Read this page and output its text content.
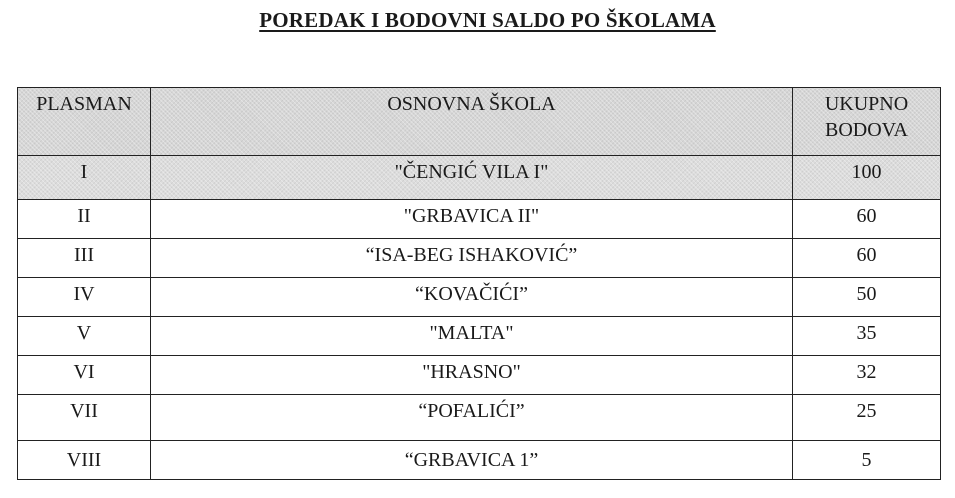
POREDAK I BODOVNI SALDO PO ŠKOLAMA
PLASMAN	OSNOVNA ŠKOLA	UKUPNO
BODOVA
I	"ČENGIĆ VILA I"	100
II	"GRBAVICA II"	60
III	“ISA-BEG ISHAKOVIĆ”	60
IV	“KOVAČIĆI”	50
V	"MALTA"	35
VI	"HRASNO"	32
VII	“POFALIĆI”	25
VIII	“GRBAVICA 1”	5
